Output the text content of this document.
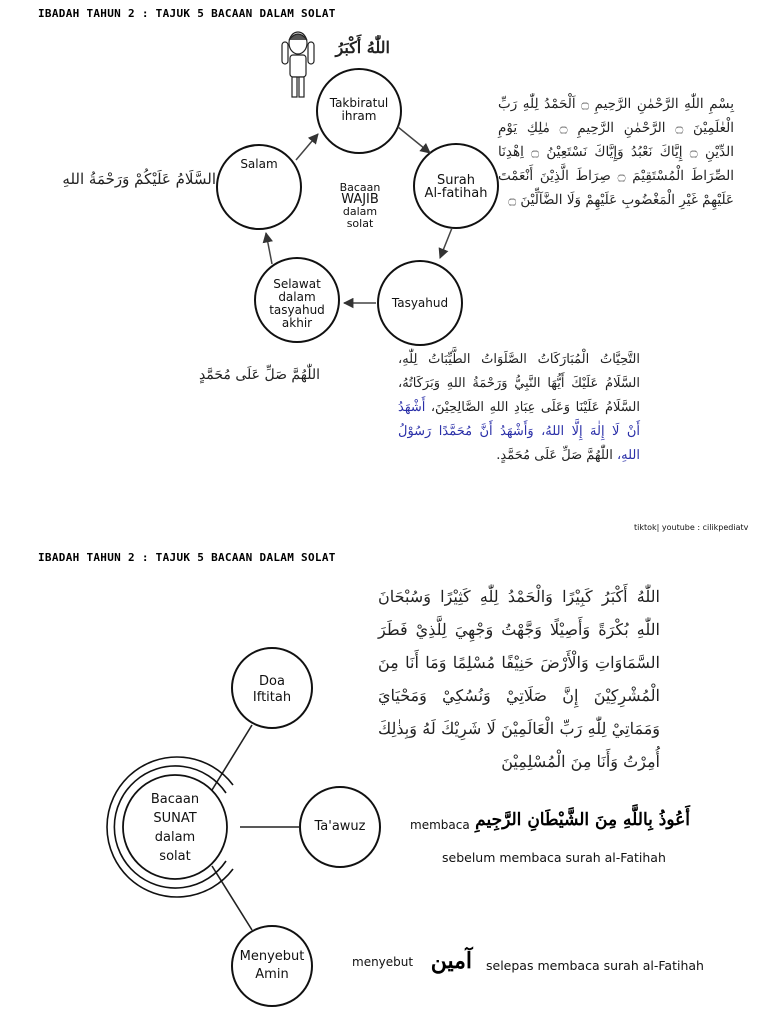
IBADAH TAHUN 2 : TAJUK 5 BACAAN DALAM SOLAT
Takbiratul
ihram
Surah
Al-fatihah
Tasyahud
Selawat
dalam
tasyahud
akhir
Salam
Bacaan
WAJIB
dalam
solat
اللّٰهُ أَكْبَرُ
السَّلَامُ عَلَيْكُمْ وَرَحْمَةُ اللهِ
اللّٰهُمَّ صَلِّ عَلَى مُحَمَّدٍ
بِسْمِ اللّٰهِ الرَّحْمٰنِ الرَّحِيمِ ۝ اَلْحَمْدُ لِلّٰهِ رَبِّ الْعٰلَمِيْنَ ۝ الرَّحْمٰنِ الرَّحِيمِ ۝ مٰلِكِ يَوْمِ الدِّيْنِ ۝ إِيَّاكَ نَعْبُدُ وَإِيَّاكَ نَسْتَعِيْنُ ۝ اِهْدِنَا الصِّرَاطَ الْمُسْتَقِيْمَ ۝ صِرَاطَ الَّذِيْنَ أَنْعَمْتَ عَلَيْهِمْ غَيْرِ الْمَغْضُوبِ عَلَيْهِمْ وَلَا الضَّآلِّيْنَ ۝
التَّحِيَّاتُ الْمُبَارَكَاتُ الصَّلَوَاتُ الطَّيِّبَاتُ لِلّٰهِ، السَّلَامُ عَلَيْكَ أَيُّهَا النَّبِيُّ وَرَحْمَةُ اللهِ وَبَرَكَاتُهُ، السَّلَامُ عَلَيْنَا وَعَلَى عِبَادِ اللهِ الصَّالِحِيْنَ، أَشْهَدُ أَنْ لَا إِلٰهَ إِلَّا اللهُ، وَأَشْهَدُ أَنَّ مُحَمَّدًا رَسُوْلُ اللهِ، اللّٰهُمَّ صَلِّ عَلَى مُحَمَّدٍ.
tiktok| youtube : cilikpediatv
IBADAH TAHUN 2 : TAJUK 5 BACAAN DALAM SOLAT
Doa
Iftitah
Ta'awuz
Menyebut
Amin
Bacaan
SUNAT
dalam
solat
اللّٰهُ أَكْبَرُ كَبِيْرًا وَالْحَمْدُ لِلّٰهِ كَثِيْرًا وَسُبْحَانَ اللّٰهِ بُكْرَةً وَأَصِيْلًا وَجَّهْتُ وَجْهِيَ لِلَّذِيْ فَطَرَ السَّمَاوَاتِ وَالْأَرْضَ حَنِيْفًا مُسْلِمًا وَمَا أَنَا مِنَ الْمُشْرِكِيْنَ إِنَّ صَلَاتِيْ وَنُسُكِيْ وَمَحْيَايَ وَمَمَاتِيْ لِلّٰهِ رَبِّ الْعَالَمِيْنَ لَا شَرِيْكَ لَهُ وَبِذٰلِكَ أُمِرْتُ وَأَنَا مِنَ الْمُسْلِمِيْنَ
membaca أَعُوذُ بِاللَّهِ مِنَ الشَّيْطَانِ الرَّجِيمِ
sebelum membaca surah al-Fatihah
menyebut آمين selepas membaca surah al-Fatihah
